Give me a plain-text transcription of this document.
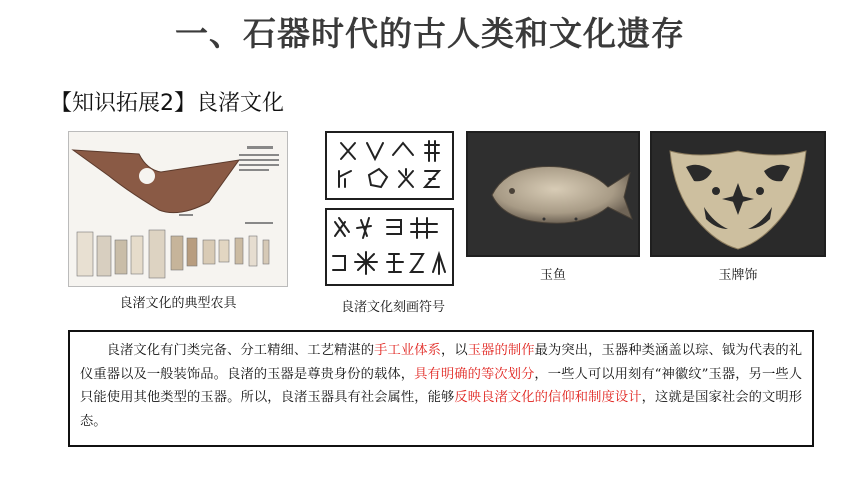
一、石器时代的古人类和文化遗存
【知识拓展2】良渚文化
良渚文化的典型农具	良渚文化刻画符号
玉鱼	玉牌饰

良渚文化有门类完备、分工精细、工艺精湛的手工业体系，以玉器的制作最为突出，玉器种类涵盖以琮、钺为代表的礼仪重器以及一般装饰品。良渚的玉器是尊贵身份的载体，具有明确的等次划分，一些人可以用刻有“神徽纹”玉器，另一些人只能使用其他类型的玉器。所以，良渚玉器具有社会属性，能够反映良渚文化的信仰和制度设计，这就是国家社会的文明形态。
